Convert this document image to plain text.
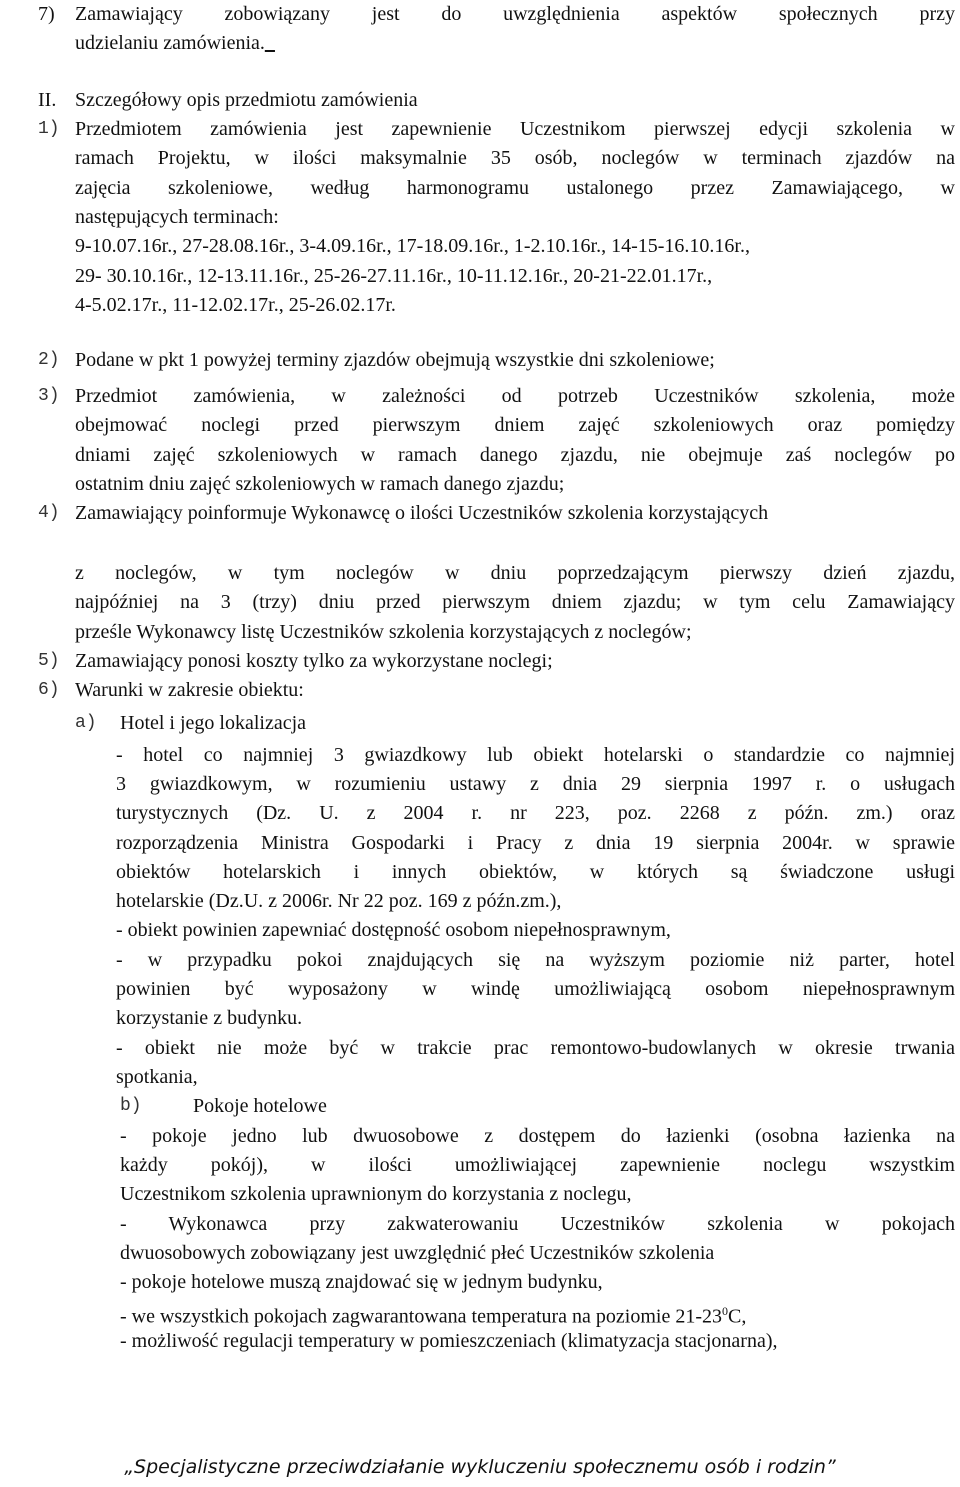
7) Zamawiający zobowiązany jest do uwzględnienia aspektów społecznych przy
udzielaniu zamówienia._
II. Szczegółowy opis przedmiotu zamówienia
1) Przedmiotem zamówienia jest zapewnienie Uczestnikom pierwszej edycji szkolenia w
ramach Projektu, w ilości maksymalnie 35 osób, noclegów w terminach zjazdów na
zajęcia szkoleniowe, według harmonogramu ustalonego przez Zamawiającego, w
następujących terminach:
9-10.07.16r., 27-28.08.16r., 3-4.09.16r., 17-18.09.16r., 1-2.10.16r., 14-15-16.10.16r.,
29- 30.10.16r., 12-13.11.16r., 25-26-27.11.16r., 10-11.12.16r., 20-21-22.01.17r.,
4-5.02.17r., 11-12.02.17r., 25-26.02.17r.
2) Podane w pkt 1 powyżej terminy zjazdów obejmują wszystkie dni szkoleniowe;
3) Przedmiot zamówienia, w zależności od potrzeb Uczestników szkolenia, może
obejmować noclegi przed pierwszym dniem zajęć szkoleniowych oraz pomiędzy
dniami zajęć szkoleniowych w ramach danego zjazdu, nie obejmuje zaś noclegów po
ostatnim dniu zajęć szkoleniowych w ramach danego zjazdu;
4) Zamawiający poinformuje Wykonawcę o ilości Uczestników szkolenia korzystających
z noclegów, w tym noclegów w dniu poprzedzającym pierwszy dzień zjazdu,
najpóźniej na 3 (trzy) dniu przed pierwszym dniem zjazdu; w tym celu Zamawiający
prześle Wykonawcy listę Uczestników szkolenia korzystających z noclegów;
5) Zamawiający ponosi koszty tylko za wykorzystane noclegi;
6) Warunki w zakresie obiektu:
a) Hotel i jego lokalizacja
- hotel co najmniej 3 gwiazdkowy lub obiekt hotelarski o standardzie co najmniej
3 gwiazdkowym, w rozumieniu ustawy z dnia 29 sierpnia 1997 r. o usługach
turystycznych (Dz. U. z 2004 r. nr 223, poz. 2268 z późn. zm.) oraz
rozporządzenia Ministra Gospodarki i Pracy z dnia 19 sierpnia 2004r. w sprawie
obiektów hotelarskich i innych obiektów, w których są świadczone usługi
hotelarskie (Dz.U. z 2006r. Nr 22 poz. 169 z późn.zm.),
- obiekt powinien zapewniać dostępność osobom niepełnosprawnym,
- w przypadku pokoi znajdujących się na wyższym poziomie niż parter, hotel
powinien być wyposażony w windę umożliwiającą osobom niepełnosprawnym
korzystanie z budynku.
- obiekt nie może być w trakcie prac remontowo-budowlanych w okresie trwania
spotkania,
b)	Pokoje hotelowe
- pokoje jedno lub dwuosobowe z dostępem do łazienki (osobna łazienka na
każdy pokój), w ilości umożliwiającej zapewnienie noclegu wszystkim
Uczestnikom szkolenia uprawnionym do korzystania z noclegu,
- Wykonawca przy zakwaterowaniu Uczestników szkolenia w pokojach
dwuosobowych zobowiązany jest uwzględnić płeć Uczestników szkolenia
- pokoje hotelowe muszą znajdować się w jednym budynku,
- we wszystkich pokojach zagwarantowana temperatura na poziomie $21-23^0C$,
- możliwość regulacji temperatury w pomieszczeniach (klimatyzacja stacjonarna),
„Specjalistyczne przeciwdziałanie wykluczeniu społecznemu osób i rodzin”
